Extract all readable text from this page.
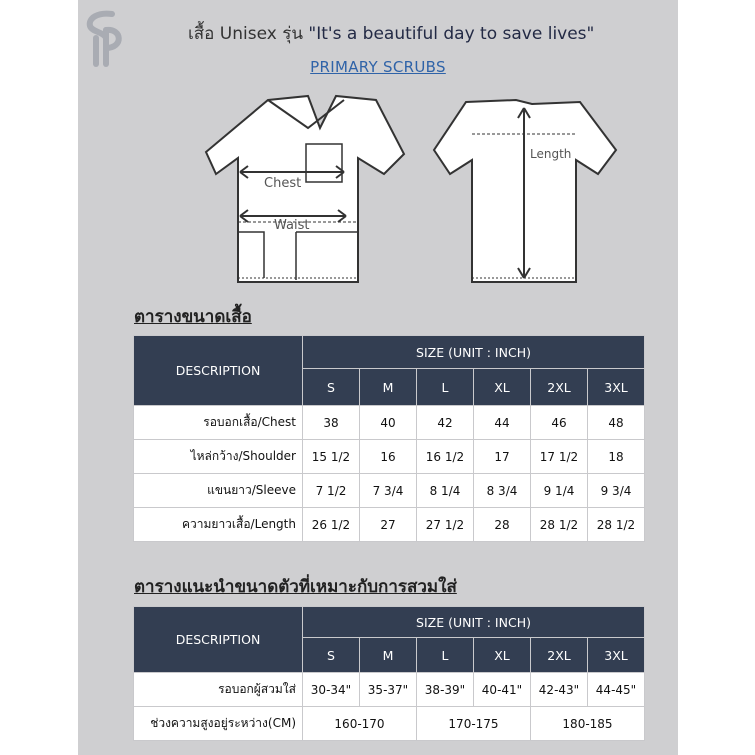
เสื้อ Unisex รุ่น "It's a beautiful day to save lives"
PRIMARY SCRUBS
Chest
Waist
Length
ตารางขนาดเสื้อ
DESCRIPTION	SIZE (UNIT : INCH)					
	S	M	L	XL	2XL	3XL
รอบอกเสื้อ/Chest	38	40	42	44	46	48
ไหล่กว้าง/Shoulder	15 1/2	16	16 1/2	17	17 1/2	18
แขนยาว/Sleeve	7 1/2	7 3/4	8 1/4	8 3/4	9 1/4	9 3/4
ความยาวเสื้อ/Length	26 1/2	27	27 1/2	28	28 1/2	28 1/2
ตารางแนะนำขนาดตัวที่เหมาะกับการสวมใส่
DESCRIPTION	SIZE (UNIT : INCH)					
	S	M	L	XL	2XL	3XL
รอบอกผู้สวมใส่	30-34"	35-37"	38-39"	40-41"	42-43"	44-45"
ช่วงความสูงอยู่ระหว่าง(CM)	160-170		170-175		180-185	
